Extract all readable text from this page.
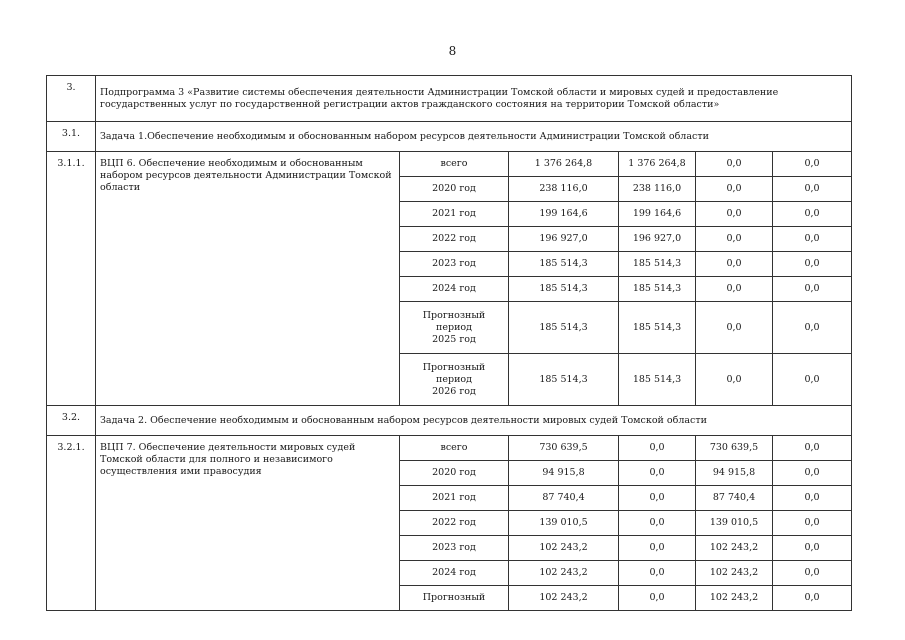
8
3.	Подпрограмма 3 «Развитие системы обеспечения деятельности Администрации Томской области и мировых судей и предоставление государственных услуг по государственной регистрации актов гражданского состояния на территории Томской области»					
3.1.	Задача 1.Обеспечение необходимым и обоснованным набором ресурсов деятельности Администрации Томской области					
3.1.1.	ВЦП 6. Обеспечение необходимым и обоснованным набором ресурсов деятельности Администрации Томской области	всего	1 376 264,8	1 376 264,8	0,0	0,0
		2020 год	238 116,0	238 116,0	0,0	0,0
		2021 год	199 164,6	199 164,6	0,0	0,0
		2022 год	196 927,0	196 927,0	0,0	0,0
		2023 год	185 514,3	185 514,3	0,0	0,0
		2024 год	185 514,3	185 514,3	0,0	0,0

		Прогнозный
период
2025 год	185 514,3	185 514,3	0,0	0,0

		Прогнозный
период
2026 год	185 514,3	185 514,3	0,0	0,0
3.2.	Задача 2. Обеспечение необходимым и обоснованным набором ресурсов деятельности мировых судей Томской области					
3.2.1.	ВЦП 7. Обеспечение деятельности мировых судей Томской области для полного и независимого осуществления ими правосудия	всего	730 639,5	0,0	730 639,5	0,0
		2020 год	94 915,8	0,0	94 915,8	0,0
		2021 год	87 740,4	0,0	87 740,4	0,0
		2022 год	139 010,5	0,0	139 010,5	0,0
		2023 год	102 243,2	0,0	102 243,2	0,0
		2024 год	102 243,2	0,0	102 243,2	0,0
		Прогнозный	102 243,2	0,0	102 243,2	0,0
